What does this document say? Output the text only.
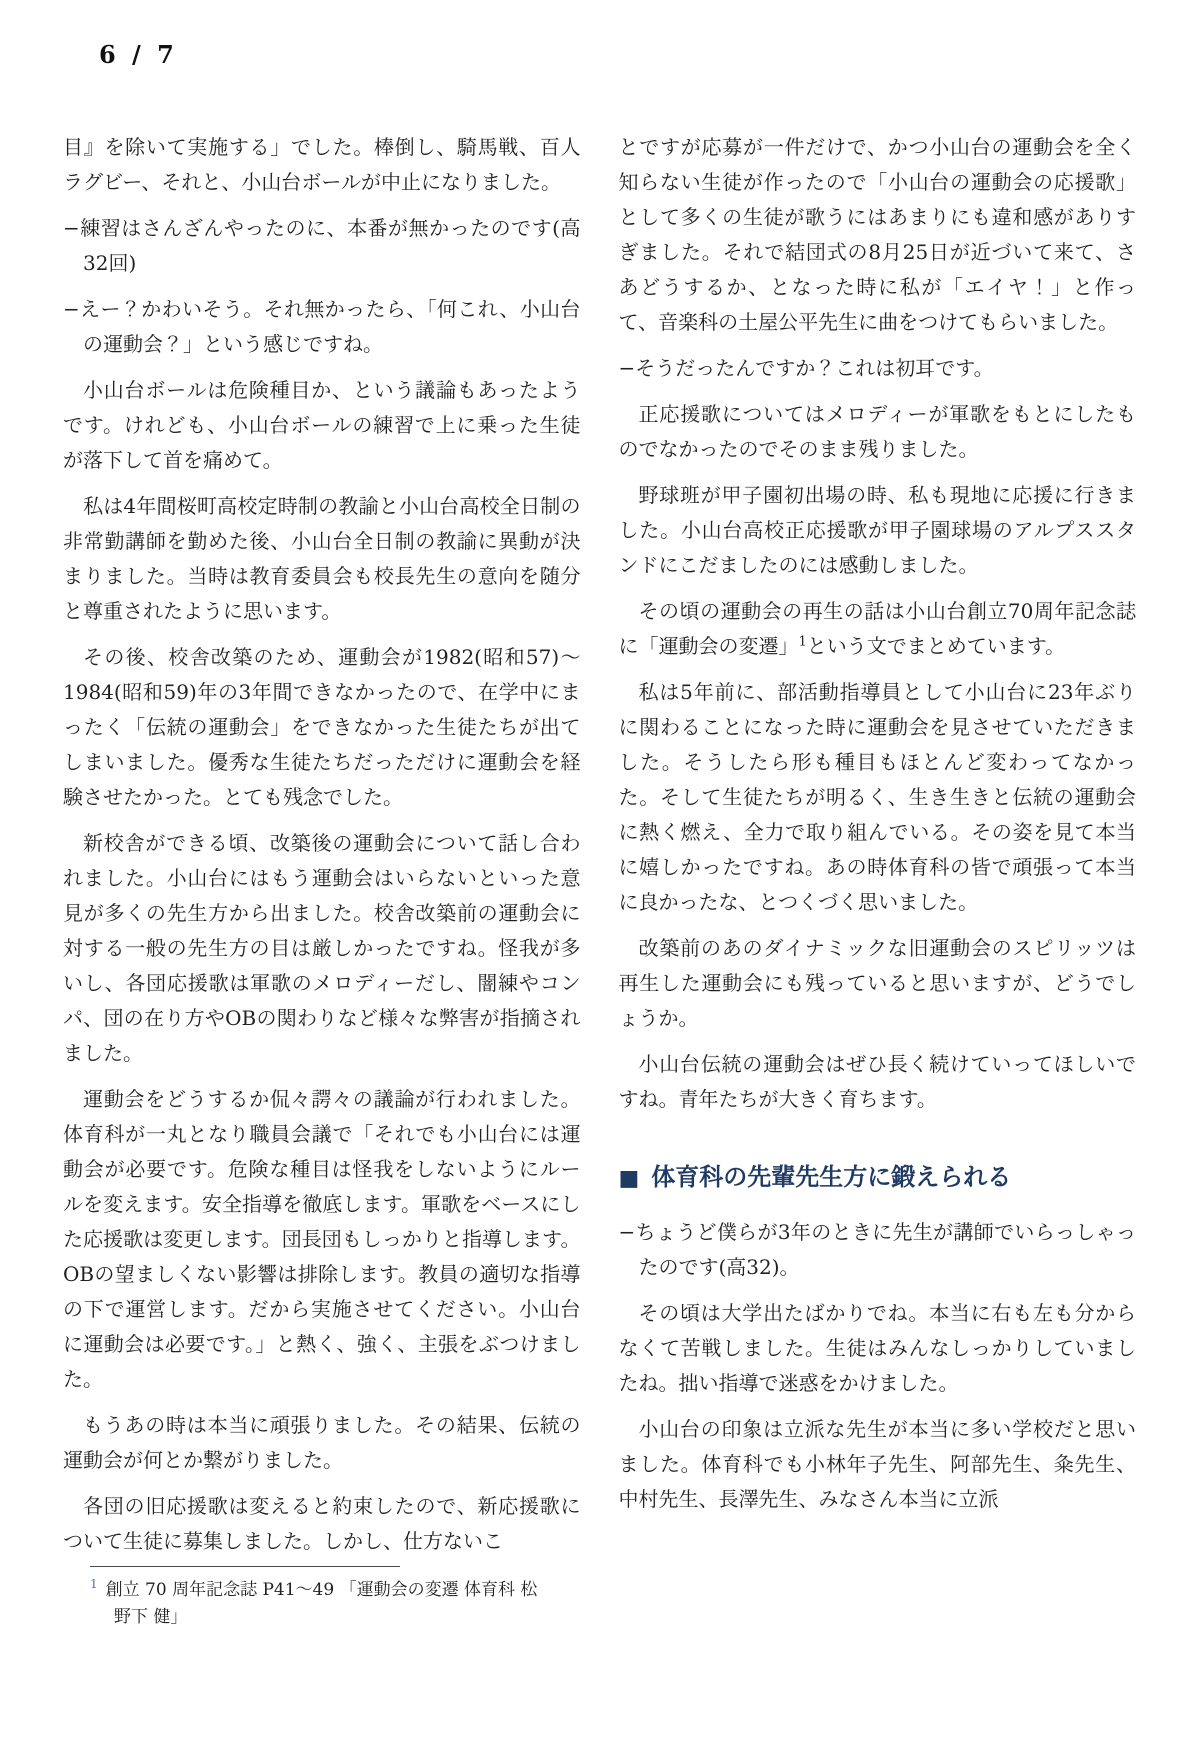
6 / 7

目』を除いて実施する」でした。棒倒し、騎馬戦、百人ラグビー、それと、小山台ボールが中止になりました。

−練習はさんざんやったのに、本番が無かったのです(高32回)

−えー？かわいそう。それ無かったら、「何これ、小山台の運動会？」という感じですね。

小山台ボールは危険種目か、という議論もあったようです。けれども、小山台ボールの練習で上に乗った生徒が落下して首を痛めて。

私は4年間桜町高校定時制の教諭と小山台高校全日制の非常勤講師を勤めた後、小山台全日制の教諭に異動が決まりました。当時は教育委員会も校長先生の意向を随分と尊重されたように思います。

その後、校舎改築のため、運動会が1982(昭和57)～1984(昭和59)年の3年間できなかったので、在学中にまったく「伝統の運動会」をできなかった生徒たちが出てしまいました。優秀な生徒たちだっただけに運動会を経験させたかった。とても残念でした。

新校舎ができる頃、改築後の運動会について話し合われました。小山台にはもう運動会はいらないといった意見が多くの先生方から出ました。校舎改築前の運動会に対する一般の先生方の目は厳しかったですね。怪我が多いし、各団応援歌は軍歌のメロディーだし、闇練やコンパ、団の在り方やOBの関わりなど様々な弊害が指摘されました。

運動会をどうするか侃々諤々の議論が行われました。体育科が一丸となり職員会議で「それでも小山台には運動会が必要です。危険な種目は怪我をしないようにルールを変えます。安全指導を徹底します。軍歌をベースにした応援歌は変更します。団長団もしっかりと指導します。OBの望ましくない影響は排除します。教員の適切な指導の下で運営します。だから実施させてください。小山台に運動会は必要です。」と熱く、強く、主張をぶつけました。

もうあの時は本当に頑張りました。その結果、伝統の運動会が何とか繋がりました。

各団の旧応援歌は変えると約束したので、新応援歌について生徒に募集しました。しかし、仕方ないこ

とですが応募が一件だけで、かつ小山台の運動会を全く知らない生徒が作ったので「小山台の運動会の応援歌」として多くの生徒が歌うにはあまりにも違和感がありすぎました。それで結団式の8月25日が近づいて来て、さあどうするか、となった時に私が「エイヤ！」と作って、音楽科の土屋公平先生に曲をつけてもらいました。

−そうだったんですか？これは初耳です。

正応援歌についてはメロディーが軍歌をもとにしたものでなかったのでそのまま残りました。

野球班が甲子園初出場の時、私も現地に応援に行きました。小山台高校正応援歌が甲子園球場のアルプススタンドにこだましたのには感動しました。

その頃の運動会の再生の話は小山台創立70周年記念誌に「運動会の変遷」$^1$という文でまとめています。

私は5年前に、部活動指導員として小山台に23年ぶりに関わることになった時に運動会を見させていただきました。そうしたら形も種目もほとんど変わってなかった。そして生徒たちが明るく、生き生きと伝統の運動会に熱く燃え、全力で取り組んでいる。その姿を見て本当に嬉しかったですね。あの時体育科の皆で頑張って本当に良かったな、とつくづく思いました。

改築前のあのダイナミックな旧運動会のスピリッツは再生した運動会にも残っていると思いますが、どうでしょうか。

小山台伝統の運動会はぜひ長く続けていってほしいですね。青年たちが大きく育ちます。

■ 体育科の先輩先生方に鍛えられる

−ちょうど僕らが3年のときに先生が講師でいらっしゃったのです(高32)。

その頃は大学出たばかりでね。本当に右も左も分からなくて苦戦しました。生徒はみんなしっかりしていましたね。拙い指導で迷惑をかけました。

小山台の印象は立派な先生が本当に多い学校だと思いました。体育科でも小林年子先生、阿部先生、粂先生、中村先生、長澤先生、みなさん本当に立派

$^1$ 創立 70 周年記念誌 P41～49 「運動会の変遷 体育科 松野下 健」
